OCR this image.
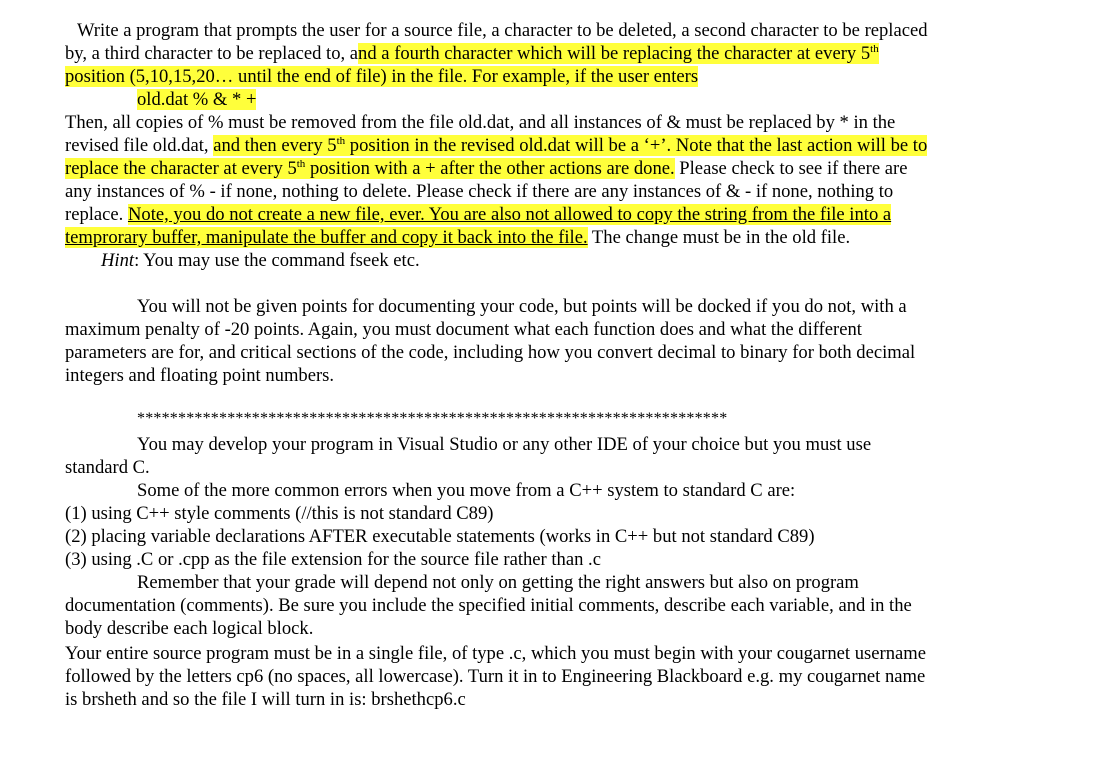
Write a program that prompts the user for a source file, a character to be deleted, a second character to be replaced
by, a third character to be replaced to, and a fourth character which will be replacing the character at every 5th
position (5,10,15,20… until the end of file) in the file. For example, if the user enters
old.dat % & * +
Then, all copies of % must be removed from the file old.dat, and all instances of & must be replaced by * in the
revised file old.dat, and then every 5th position in the revised old.dat will be a ‘+’. Note that the last action will be to
replace the character at every 5th position with a + after the other actions are done. Please check to see if there are
any instances of % - if none, nothing to delete. Please check if there are any instances of & - if none, nothing to
replace. Note, you do not create a new file, ever. You are also not allowed to copy the string from the file into a
temprorary buffer, manipulate the buffer and copy it back into the file. The change must be in the old file.
Hint: You may use the command fseek etc.
You will not be given points for documenting your code, but points will be docked if you do not, with a
maximum penalty of -20 points. Again, you must document what each function does and what the different
parameters are for, and critical sections of the code, including how you convert decimal to binary for both decimal
integers and floating point numbers.
************************************************************************
You may develop your program in Visual Studio or any other IDE of your choice but you must use
standard C.
Some of the more common errors when you move from a C++ system to standard C are:
(1) using C++ style comments (//this is not standard C89)
(2) placing variable declarations AFTER executable statements (works in C++ but not standard C89)
(3) using .C or .cpp as the file extension for the source file rather than .c
Remember that your grade will depend not only on getting the right answers but also on program
documentation (comments). Be sure you include the specified initial comments, describe each variable, and in the
body describe each logical block.
Your entire source program must be in a single file, of type .c, which you must begin with your cougarnet username
followed by the letters cp6 (no spaces, all lowercase). Turn it in to Engineering Blackboard e.g. my cougarnet name
is brsheth and so the file I will turn in is: brshethcp6.c
